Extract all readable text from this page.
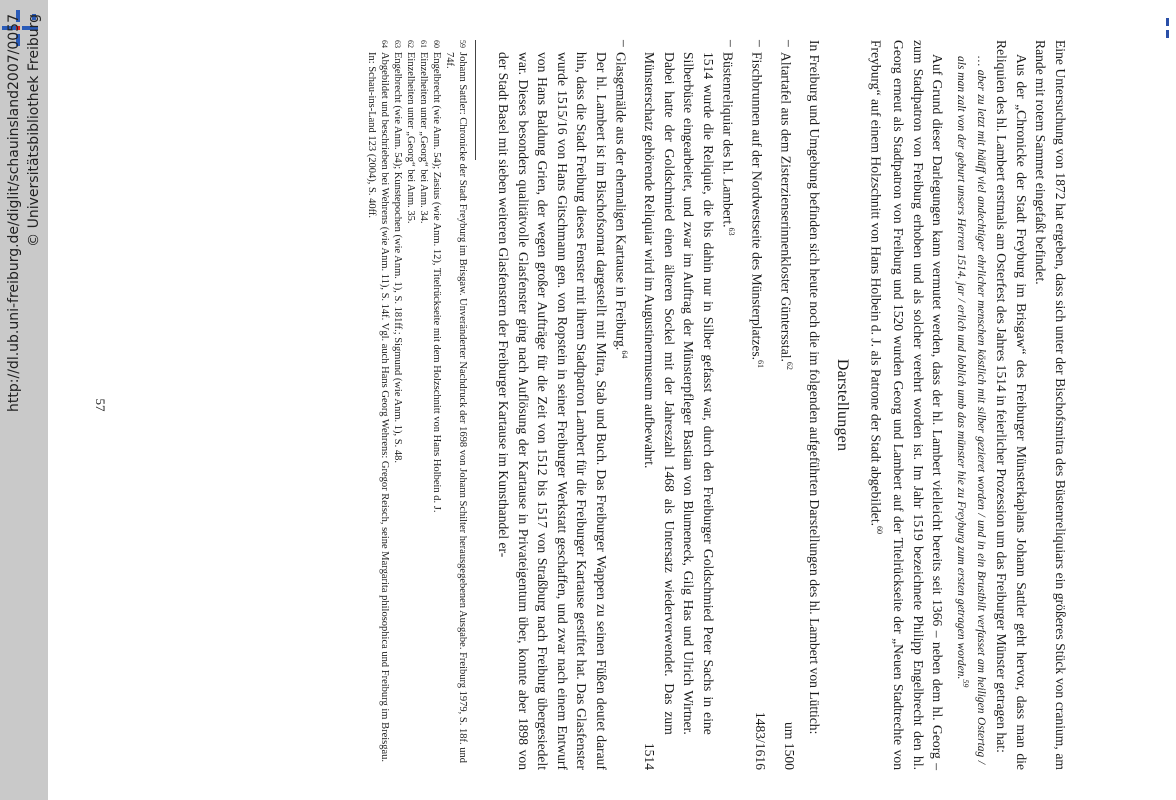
http://dl.ub.uni-freiburg.de/diglit/schauinsland2007/0057 © Universitätsbibliothek Freiburg	Eine Untersuchung von 1872 hat ergeben, dass sich unter der Bischofsmitra des Büstenreliquiars ein größeres Stück von cranium, am Rande mit rotem Sammet eingefaßt befindet.

Aus der „Chronicke der Stadt Freyburg im Brisgaw“ des Freiburger Münsterkaplans Johann Sattler geht hervor, dass man die Reliquien des hl. Lambert erstmals am Osterfest des Jahres 1514 in feierlicher Prozession um das Freiburger Münster getragen hat:

… aber zu letzt mit häüff viel andechtiger ehrlicher menschen köstlich mit silber gezieret worden / und in ein Brustbilt verfasset am heiligen Ostertag / als man zalt von der geburt unsers Herren 1514. jar / erlich und loblich umb das münster hie zu Freyburg zum ersten getragen worden.$^{59}$

Auf Grund dieser Darlegungen kann vermutet werden, dass der hl. Lambert vielleicht bereits seit 1366 – neben dem hl. Georg – zum Stadtpatron von Freiburg erhoben und als solcher verehrt worden ist. Im Jahr 1519 bezeichnete Philipp Engelbrecht den hl. Georg erneut als Stadtpatron von Freiburg und 1520 wurden Georg und Lambert auf der Titelrückseite der „Neuen Stadtrechte von Freyburg“ auf einem Holzschnitt von Hans Holbein d. J. als Patrone der Stadt abgebildet.$^{60}$

Darstellungen

In Freiburg und Umgebung befinden sich heute noch die im folgenden aufgeführten Darstellungen des hl. Lambert von Lüttich:

–
Altartafel aus dem Zisterzienserinnenkloster Güntersstal.$^{62}$
um 1500
–
Fischbrunnen auf der Nordwestseite des Münsterplatzes.$^{61}$
1483/1616
–
Büstenreliquiar des hl. Lambert.$^{63}$
1514 wurde die Reliquie, die bis dahin nur in Silber gefasst war, durch den Freiburger Goldschmied Peter Sachs in eine Silberbüste eingearbeitet, und zwar im Auftrag der Münsterpfleger Bastian von Blumeneck, Gilg Has und Ulrich Wirtner. Dabei hatte der Goldschmied einen älteren Sockel mit der Jahreszahl 1468 als Untersatz wiederverwendet. Das zum Münsterschatz gehörende Reliquiar wird im Augustinermuseum aufbewahrt.
1514
–
Glasgemälde aus der ehemaligen Kartause in Freiburg.$^{64}$
Der hl. Lambert ist im Bischofsornat dargestellt mit Mitra, Stab und Buch. Das Freiburger Wappen zu seinen Füßen deutet darauf hin, dass die Stadt Freiburg dieses Fenster mit ihrem Stadtpatron Lambert für die Freiburger Kartause gestiftet hat. Das Glasfenster wurde 1515/16 von Hans Gitschmann gen. von Ropstein in seiner Freiburger Werkstatt geschaffen, und zwar nach einem Entwurf von Hans Baldung Grien, der wegen großer Aufträge für die Zeit von 1512 bis 1517 von Straßburg nach Freiburg übergesiedelt war. Dieses besonders qualitätvolle Glasfenster ging nach Auflösung der Kartause in Privateigentum über, konnte aber 1898 von der Stadt Basel mit sieben weiteren Glasfenstern der Freiburger Kartause im Kunsthandel er-
59
Johann Sattler: Chronicke der Stadt Freyburg im Brisgaw. Unveränderter Nachdruck der 1698 von Johann Schilter herausgegebenen Ausgabe. Freiburg 1979, S. 18f. und 74f.
60
Engelbrecht (wie Anm. 54); Zasius (wie Anm. 12), Titelrückseite mit dem Holzschnitt von Hans Holbein d. J.
61
Einzelheiten unter „Georg“ bei Anm. 34.
62
Einzelheiten unter „Georg“ bei Anm. 35.
63
Engelbrecht (wie Anm. 54); Kunstepochen (wie Anm. 1), S. 181ff.; Sigmund (wie Anm. 1), S. 48.
64
Abgebildet und beschrieben bei Wehrens (wie Anm. 11), S. 14f. Vgl. auch Hans Georg Wehrens: Gregor Reisch, seine Margarita philosophica und Freiburg im Breisgau. In: Schau-ins-Land 123 (2004), S. 40ff.
57
